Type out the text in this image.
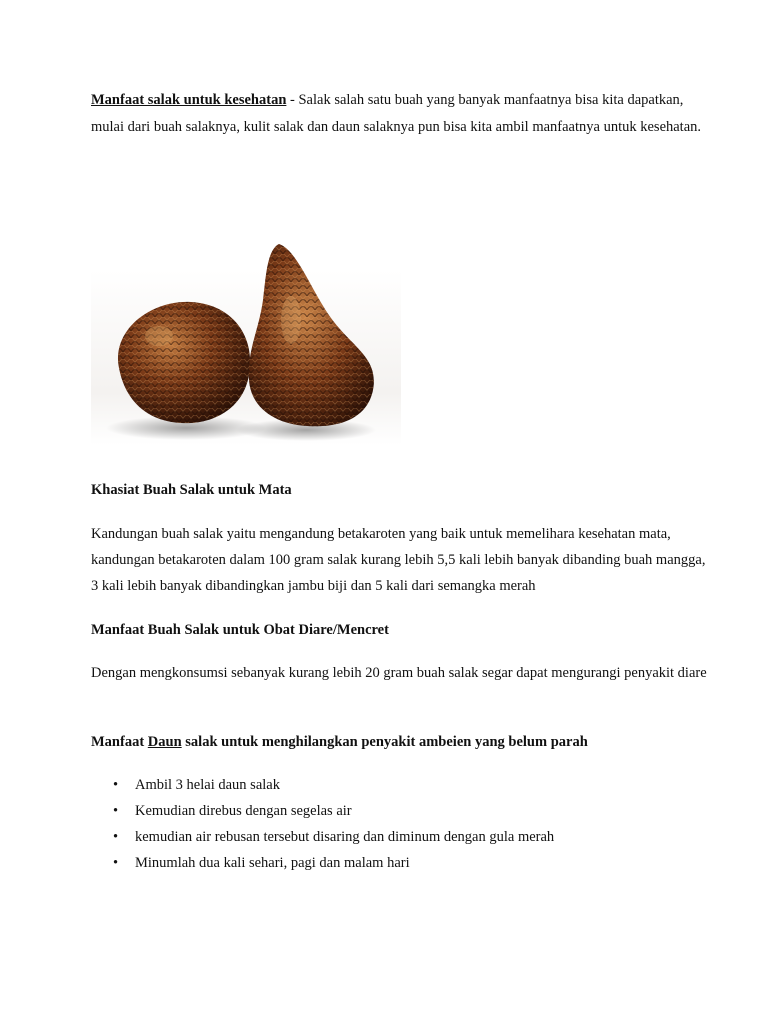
Manfaat salak untuk kesehatan - Salak salah satu buah yang banyak manfaatnya bisa kita dapatkan, mulai dari buah salaknya, kulit salak dan daun salaknya pun bisa kita ambil manfaatnya untuk kesehatan.

Khasiat Buah Salak untuk Mata

Kandungan buah salak yaitu mengandung betakaroten yang baik untuk memelihara kesehatan mata, kandungan betakaroten dalam 100 gram salak kurang lebih 5,5 kali lebih banyak dibanding buah mangga, 3 kali lebih banyak dibandingkan jambu biji dan 5 kali dari semangka merah

Manfaat Buah Salak untuk Obat Diare/Mencret

Dengan mengkonsumsi sebanyak kurang lebih 20 gram buah salak segar dapat mengurangi penyakit diare

Manfaat Daun salak untuk menghilangkan penyakit ambeien yang belum parah

• Ambil 3 helai daun salak
• Kemudian direbus dengan segelas air
• kemudian air rebusan tersebut disaring dan diminum dengan gula merah
• Minumlah dua kali sehari, pagi dan malam hari
